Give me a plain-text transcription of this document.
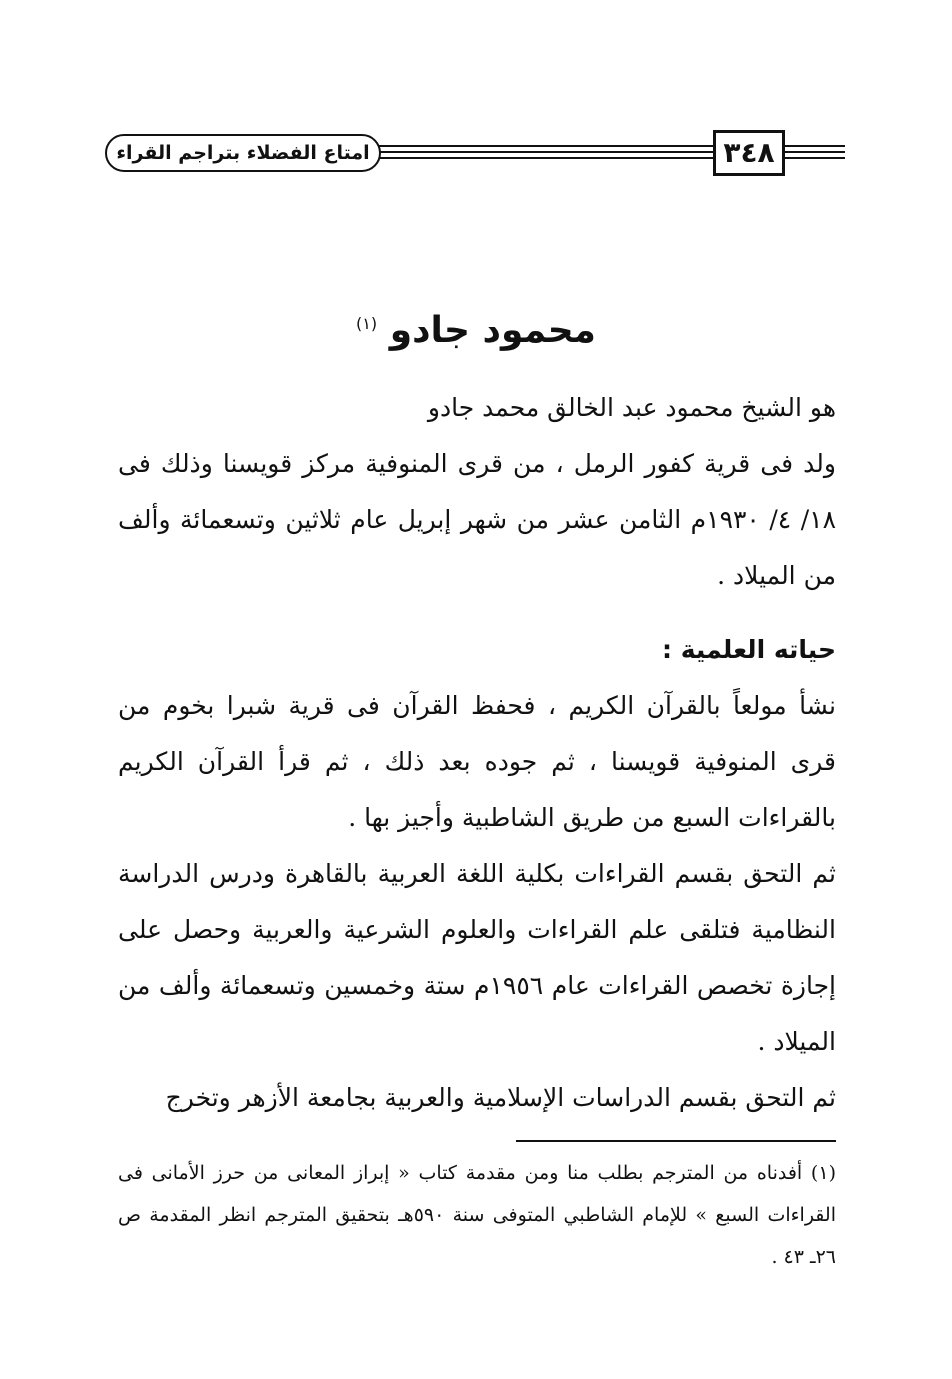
امتاع الفضلاء بتراجم القراء	٣٤٨
محمود جادو $^{(١)}$

هو الشيخ محمود عبد الخالق محمد جادو

ولد فى قرية كفور الرمل ، من قرى المنوفية مركز قويسنا وذلك فى ١٨/ ٤/ ١٩٣٠م الثامن عشر من شهر إبريل عام ثلاثين وتسعمائة وألف من الميلاد .

حياته العلمية :

نشأ مولعاً بالقرآن الكريم ، فحفظ القرآن فى قرية شبرا بخوم من قرى المنوفية قويسنا ، ثم جوده بعد ذلك ، ثم قرأ القرآن الكريم بالقراءات السبع من طريق الشاطبية وأجيز بها .

ثم التحق بقسم القراءات بكلية اللغة العربية بالقاهرة ودرس الدراسة النظامية فتلقى علم القراءات والعلوم الشرعية والعربية وحصل على إجازة تخصص القراءات عام ١٩٥٦م ستة وخمسين وتسعمائة وألف من الميلاد .

ثم التحق بقسم الدراسات الإسلامية والعربية بجامعة الأزهر وتخرج

(١) أفدناه من المترجم بطلب منا ومن مقدمة كتاب « إبراز المعانى من حرز الأمانى فى القراءات السبع » للإمام الشاطبي المتوفى سنة ٥٩٠هـ بتحقيق المترجم انظر المقدمة ص ٢٦ـ ٤٣ .
